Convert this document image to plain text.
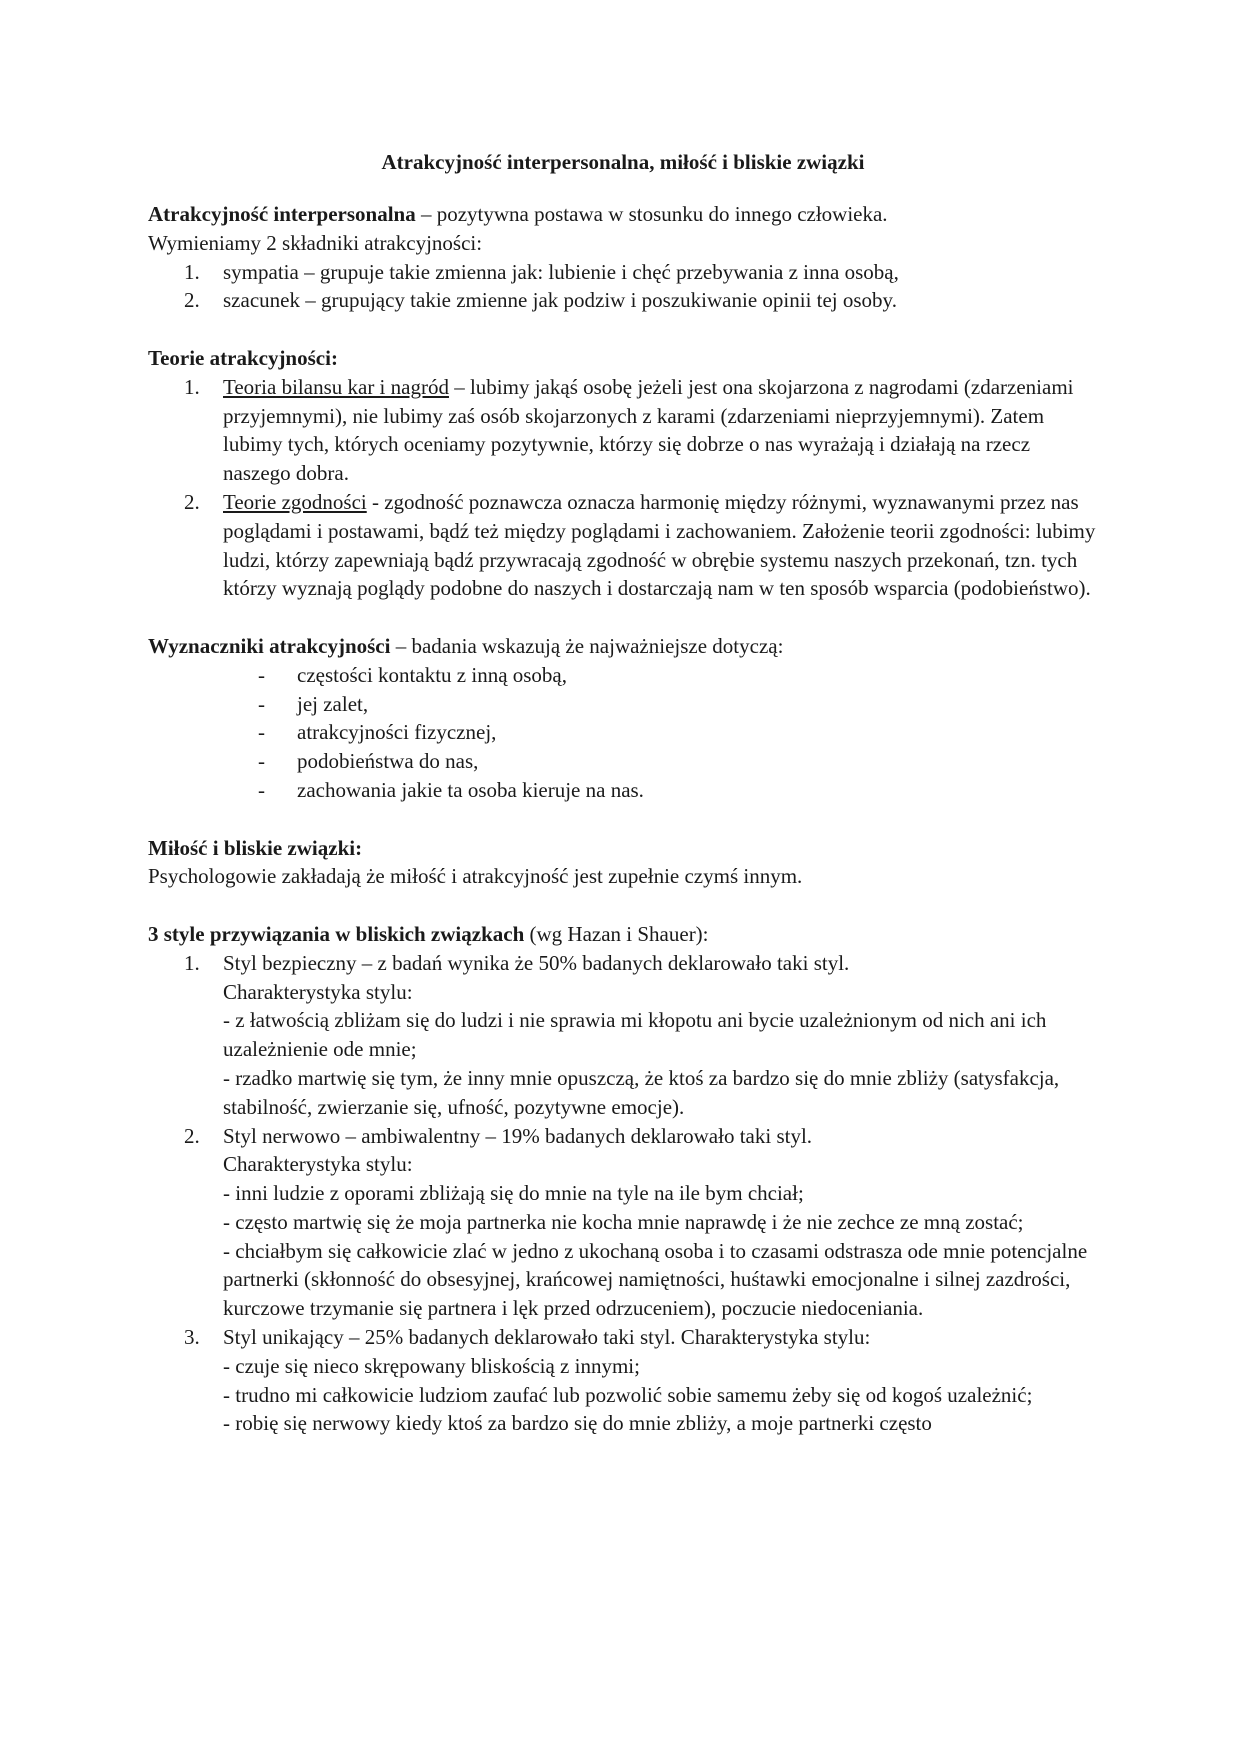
Atrakcyjność interpersonalna, miłość i bliskie związki

Atrakcyjność interpersonalna – pozytywna postawa w stosunku do innego człowieka.

Wymieniamy 2 składniki atrakcyjności:

1. sympatia – grupuje takie zmienna jak: lubienie i chęć przebywania z inna osobą,
2. szacunek – grupujący takie zmienne jak podziw i poszukiwanie opinii tej osoby.

Teorie atrakcyjności:

1. Teoria bilansu kar i nagród – lubimy jakąś osobę jeżeli jest ona skojarzona z nagrodami (zdarzeniami przyjemnymi), nie lubimy zaś osób skojarzonych z karami (zdarzeniami nieprzyjemnymi). Zatem lubimy tych, których oceniamy pozytywnie, którzy się dobrze o nas wyrażają i działają na rzecz naszego dobra.
2. Teorie zgodności - zgodność poznawcza oznacza harmonię między różnymi, wyznawanymi przez nas poglądami i postawami, bądź też między poglądami i zachowaniem. Założenie teorii zgodności: lubimy ludzi, którzy zapewniają bądź przywracają zgodność w obrębie systemu naszych przekonań, tzn. tych którzy wyznają poglądy podobne do naszych i dostarczają nam w ten sposób wsparcia (podobieństwo).

Wyznaczniki atrakcyjności – badania wskazują że najważniejsze dotyczą:

- częstości kontaktu z inną osobą,
- jej zalet,
- atrakcyjności fizycznej,
- podobieństwa do nas,
- zachowania jakie ta osoba kieruje na nas.

Miłość i bliskie związki:

Psychologowie zakładają że miłość i atrakcyjność jest zupełnie czymś innym.

3 style przywiązania w bliskich związkach (wg Hazan i Shauer):

1. Styl bezpieczny – z badań wynika że 50% badanych deklarowało taki styl.
Charakterystyka stylu:
- z łatwością zbliżam się do ludzi i nie sprawia mi kłopotu ani bycie uzależnionym od nich ani ich uzależnienie ode mnie;
- rzadko martwię się tym, że inny mnie opuszczą, że ktoś za bardzo się do mnie zbliży (satysfakcja, stabilność, zwierzanie się, ufność, pozytywne emocje).
2. Styl nerwowo – ambiwalentny – 19% badanych deklarowało taki styl.
Charakterystyka stylu:
- inni ludzie z oporami zbliżają się do mnie na tyle na ile bym chciał;
- często martwię się że moja partnerka nie kocha mnie naprawdę i że nie zechce ze mną zostać;
- chciałbym się całkowicie zlać w jedno z ukochaną osoba i to czasami odstrasza ode mnie potencjalne partnerki (skłonność do obsesyjnej, krańcowej namiętności, huśtawki emocjonalne i silnej zazdrości, kurczowe trzymanie się partnera i lęk przed odrzuceniem), poczucie niedoceniania.
3. Styl unikający – 25% badanych deklarowało taki styl. Charakterystyka stylu:
- czuje się nieco skrępowany bliskością z innymi;
- trudno mi całkowicie ludziom zaufać lub pozwolić sobie samemu żeby się od kogoś uzależnić;
- robię się nerwowy kiedy ktoś za bardzo się do mnie zbliży, a moje partnerki często
